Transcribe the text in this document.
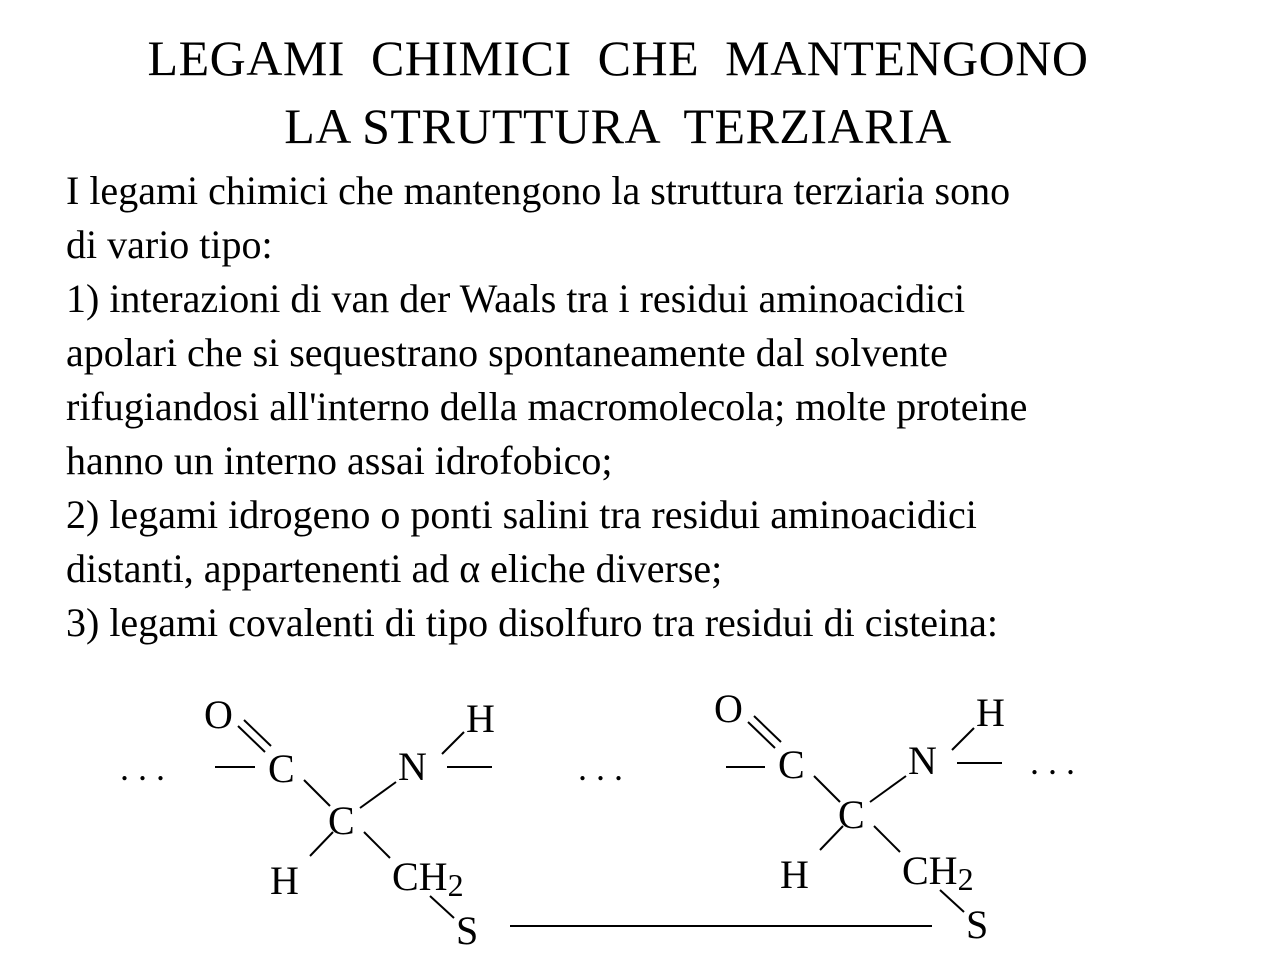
LEGAMI  CHIMICI  CHE  MANTENGONO
LA STRUTTURA  TERZIARIA
I legami chimici che mantengono la struttura terziaria sono
di vario tipo:
1) interazioni di van der Waals tra i residui aminoacidici
apolari che si sequestrano spontaneamente dal solvente
rifugiandosi all'interno della macromolecola; molte proteine
hanno un interno assai idrofobico;
2) legami idrogeno o ponti salini tra residui aminoacidici
distanti, appartenenti ad α eliche diverse;
3) legami covalenti di tipo disolfuro tra residui di cisteina:
. . .
O
C
C
N
H
H CH2
S
. . .
O
C
C
N
H
. . .
H CH2
S
